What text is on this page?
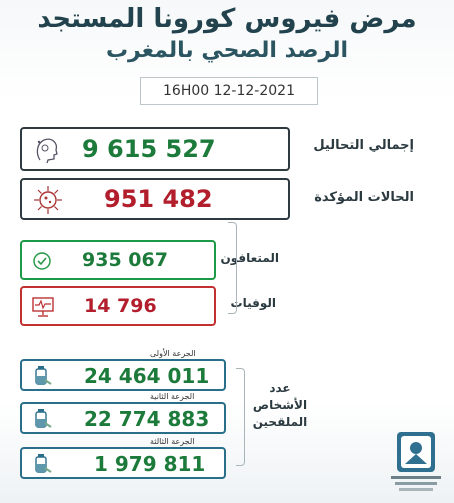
مرض فيروس كورونا المستجد
الرصد الصحي بالمغرب
16H00 12-12-2021
9 615 527	إجمالي التحاليل
951 482	الحالات المؤكدة
935 067	المتعافون
14 796	الوفيات
الجرعة الأولى
24 464 011
الجرعة الثانية
22 774 883
الجرعة الثالثة
1 979 811
عدد الأشخاص الملقحين
